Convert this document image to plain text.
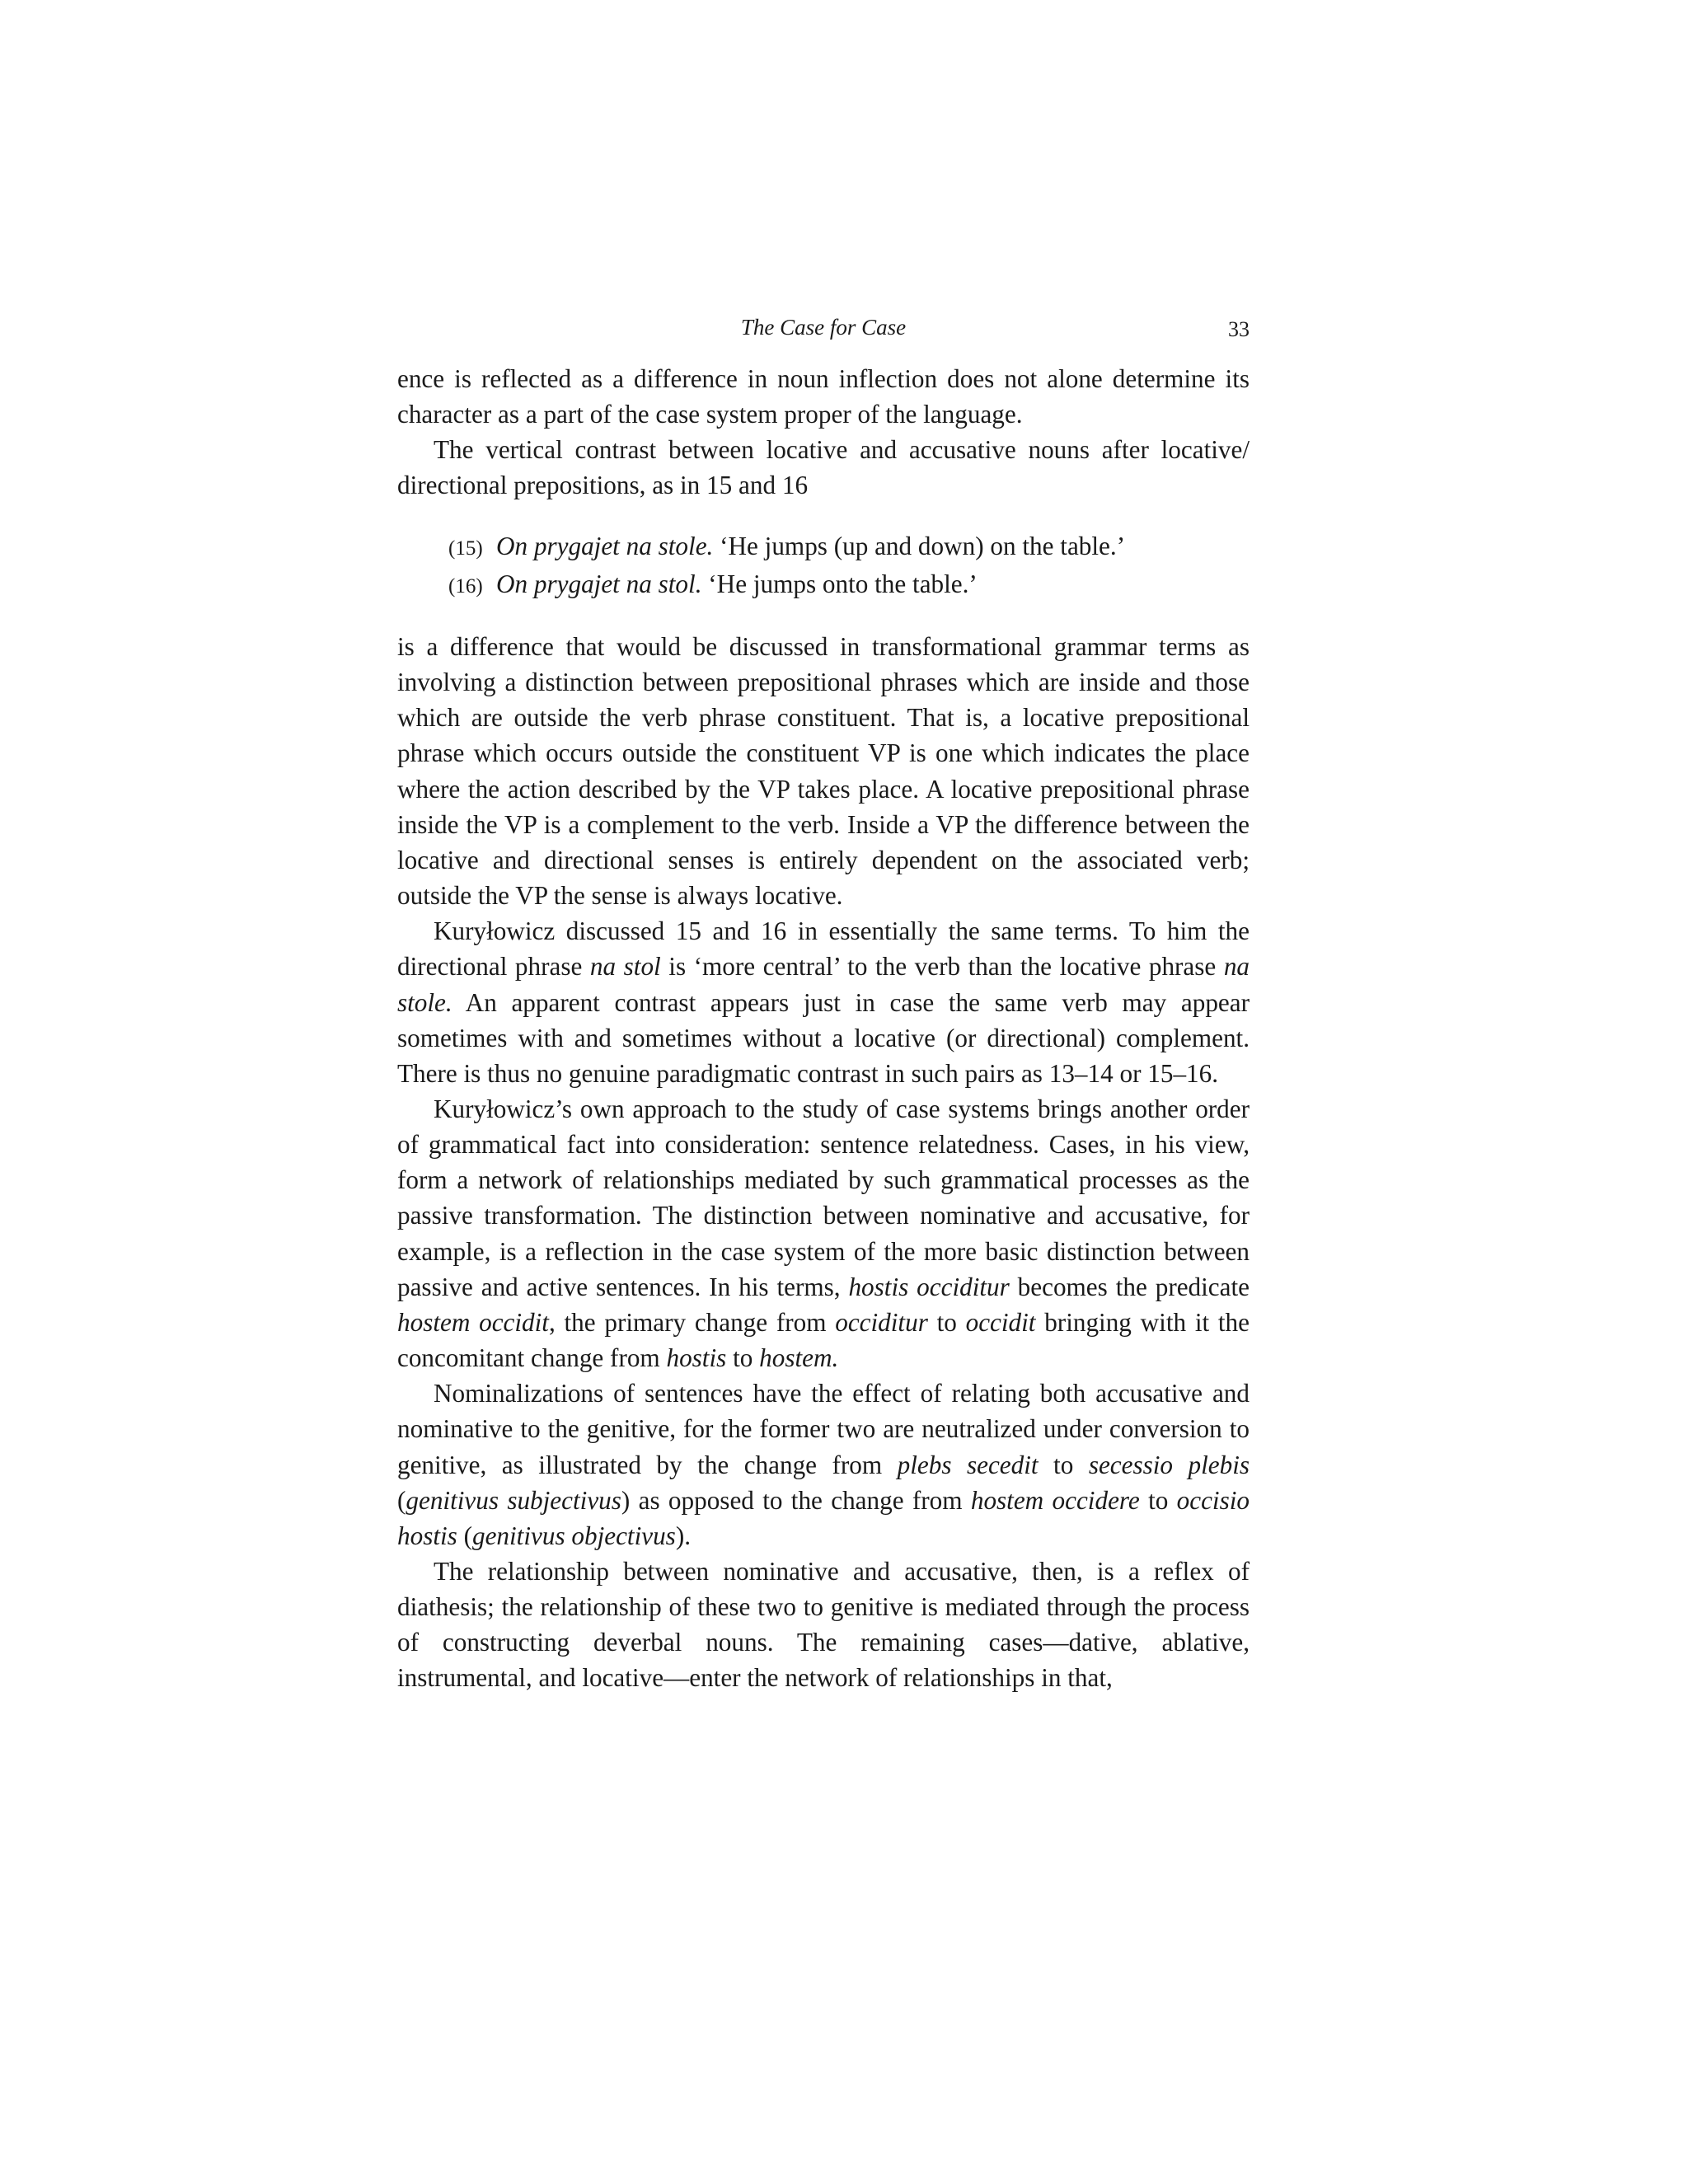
The Case for Case	33

ence is reflected as a difference in noun inflection does not alone determine its character as a part of the case system proper of the language.

The vertical contrast between locative and accusative nouns after locative/ directional prepositions, as in 15 and 16

(15) On prygajet na stole. ‘He jumps (up and down) on the table.’
(16) On prygajet na stol. ‘He jumps onto the table.’

is a difference that would be discussed in transformational grammar terms as involving a distinction between prepositional phrases which are inside and those which are outside the verb phrase constituent. That is, a locative prepositional phrase which occurs outside the constituent VP is one which indicates the place where the action described by the VP takes place. A locative prepositional phrase inside the VP is a complement to the verb. Inside a VP the difference between the locative and directional senses is entirely dependent on the associated verb; outside the VP the sense is always locative.

Kuryłowicz discussed 15 and 16 in essentially the same terms. To him the directional phrase na stol is ‘more central’ to the verb than the locative phrase na stole. An apparent contrast appears just in case the same verb may appear sometimes with and sometimes without a locative (or directional) complement. There is thus no genuine paradigmatic contrast in such pairs as 13–14 or 15–16.

Kuryłowicz’s own approach to the study of case systems brings another order of grammatical fact into consideration: sentence relatedness. Cases, in his view, form a network of relationships mediated by such grammatical processes as the passive transformation. The distinction between nominative and accusative, for example, is a reflection in the case system of the more basic distinction between passive and active sentences. In his terms, hostis occiditur becomes the predicate hostem occidit, the primary change from occiditur to occidit bringing with it the concomitant change from hostis to hostem.

Nominalizations of sentences have the effect of relating both accusative and nominative to the genitive, for the former two are neutralized under conversion to genitive, as illustrated by the change from plebs secedit to secessio plebis (genitivus subjectivus) as opposed to the change from hostem occidere to occisio hostis (genitivus objectivus).

The relationship between nominative and accusative, then, is a reflex of diathesis; the relationship of these two to genitive is mediated through the process of constructing deverbal nouns. The remaining cases—dative, ablative, instrumental, and locative—enter the network of relationships in that,
